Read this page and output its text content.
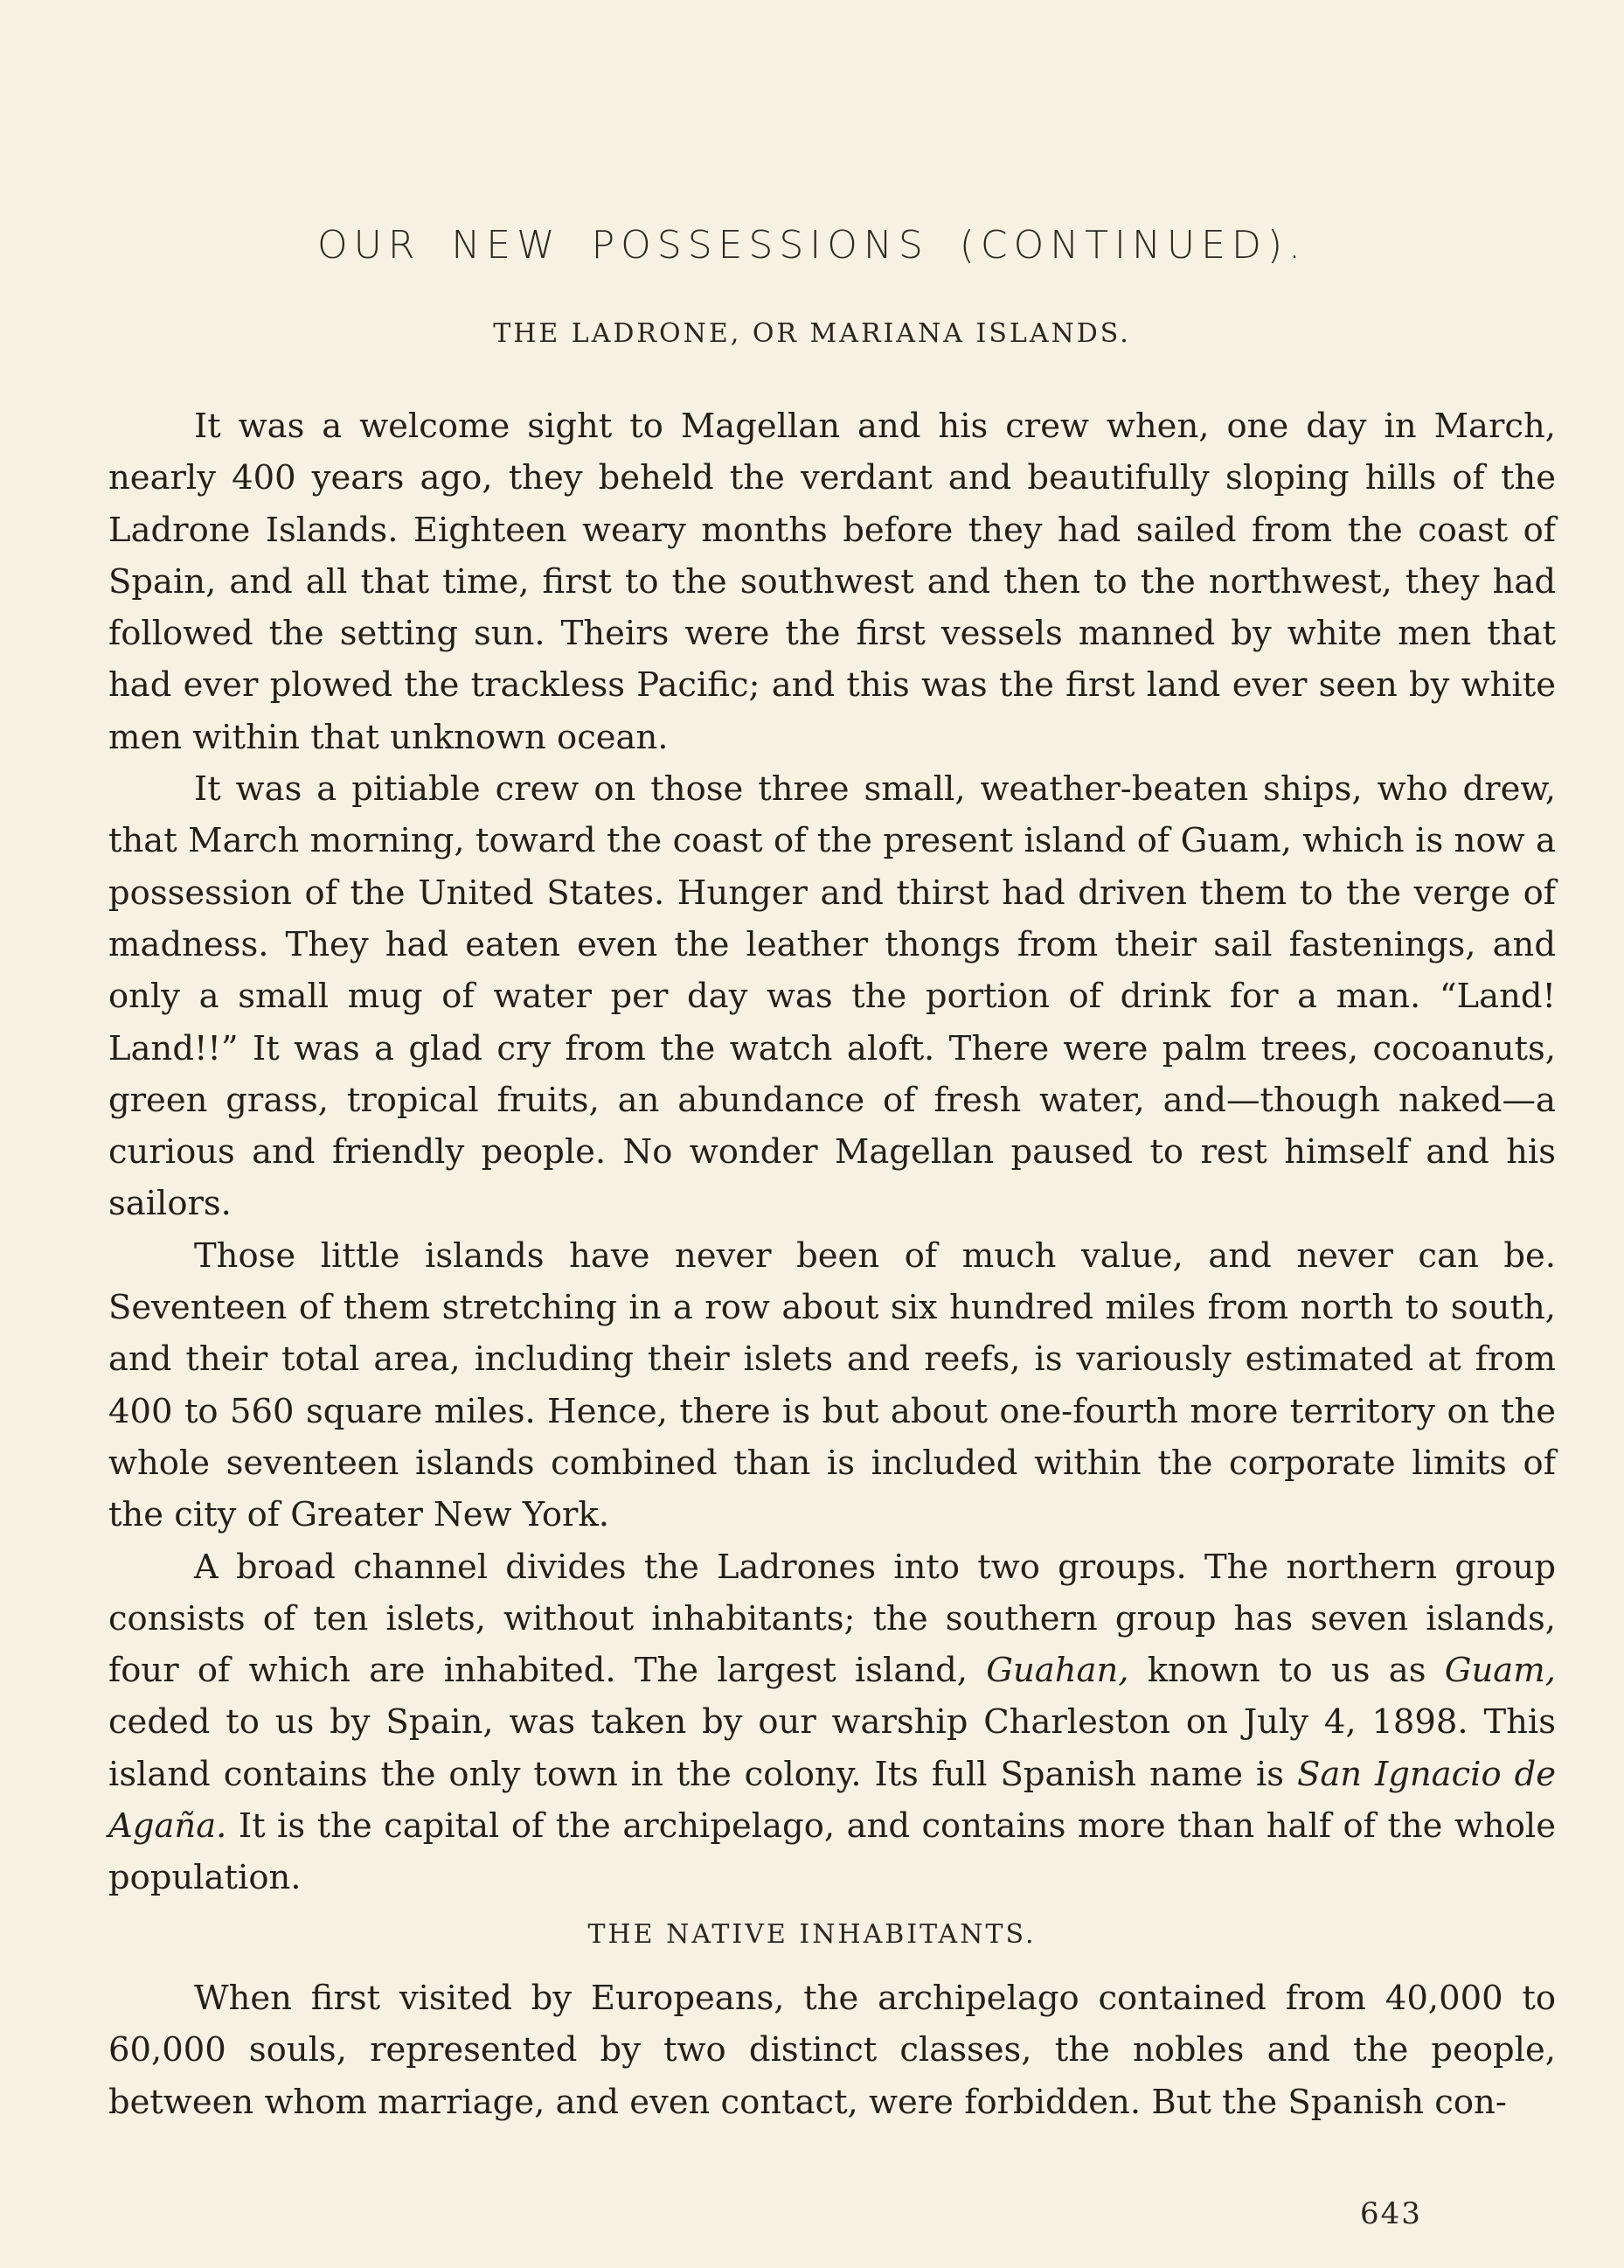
OUR NEW POSSESSIONS (CONTINUED).
THE LADRONE, OR MARIANA ISLANDS.

It was a welcome sight to Magellan and his crew when, one day in March, nearly 400 years ago, they beheld the verdant and beautifully sloping hills of the Ladrone Islands. Eighteen weary months before they had sailed from the coast of Spain, and all that time, first to the southwest and then to the northwest, they had followed the setting sun. Theirs were the first vessels manned by white men that had ever plowed the trackless Pacific; and this was the first land ever seen by white men within that unknown ocean.

It was a pitiable crew on those three small, weather-beaten ships, who drew, that March morning, toward the coast of the present island of Guam, which is now a possession of the United States. Hunger and thirst had driven them to the verge of madness. They had eaten even the leather thongs from their sail fastenings, and only a small mug of water per day was the portion of drink for a man. “Land! Land!!” It was a glad cry from the watch aloft. There were palm trees, cocoanuts, green grass, tropical fruits, an abundance of fresh water, and—though naked—a curious and friendly people. No wonder Magellan paused to rest himself and his sailors.

Those little islands have never been of much value, and never can be. Seventeen of them stretching in a row about six hundred miles from north to south, and their total area, including their islets and reefs, is variously estimated at from 400 to 560 square miles. Hence, there is but about one-fourth more territory on the whole seventeen islands combined than is included within the corporate limits of the city of Greater New York.

A broad channel divides the Ladrones into two groups. The northern group consists of ten islets, without inhabitants; the southern group has seven islands, four of which are inhabited. The largest island, Guahan, known to us as Guam, ceded to us by Spain, was taken by our warship Charleston on July 4, 1898. This island contains the only town in the colony. Its full Spanish name is San Ignacio de Agaña. It is the capital of the archipelago, and contains more than half of the whole population.

THE NATIVE INHABITANTS.

When first visited by Europeans, the archipelago contained from 40,000 to 60,000 souls, represented by two distinct classes, the nobles and the people, between whom marriage, and even contact, were forbidden. But the Spanish con-

643
